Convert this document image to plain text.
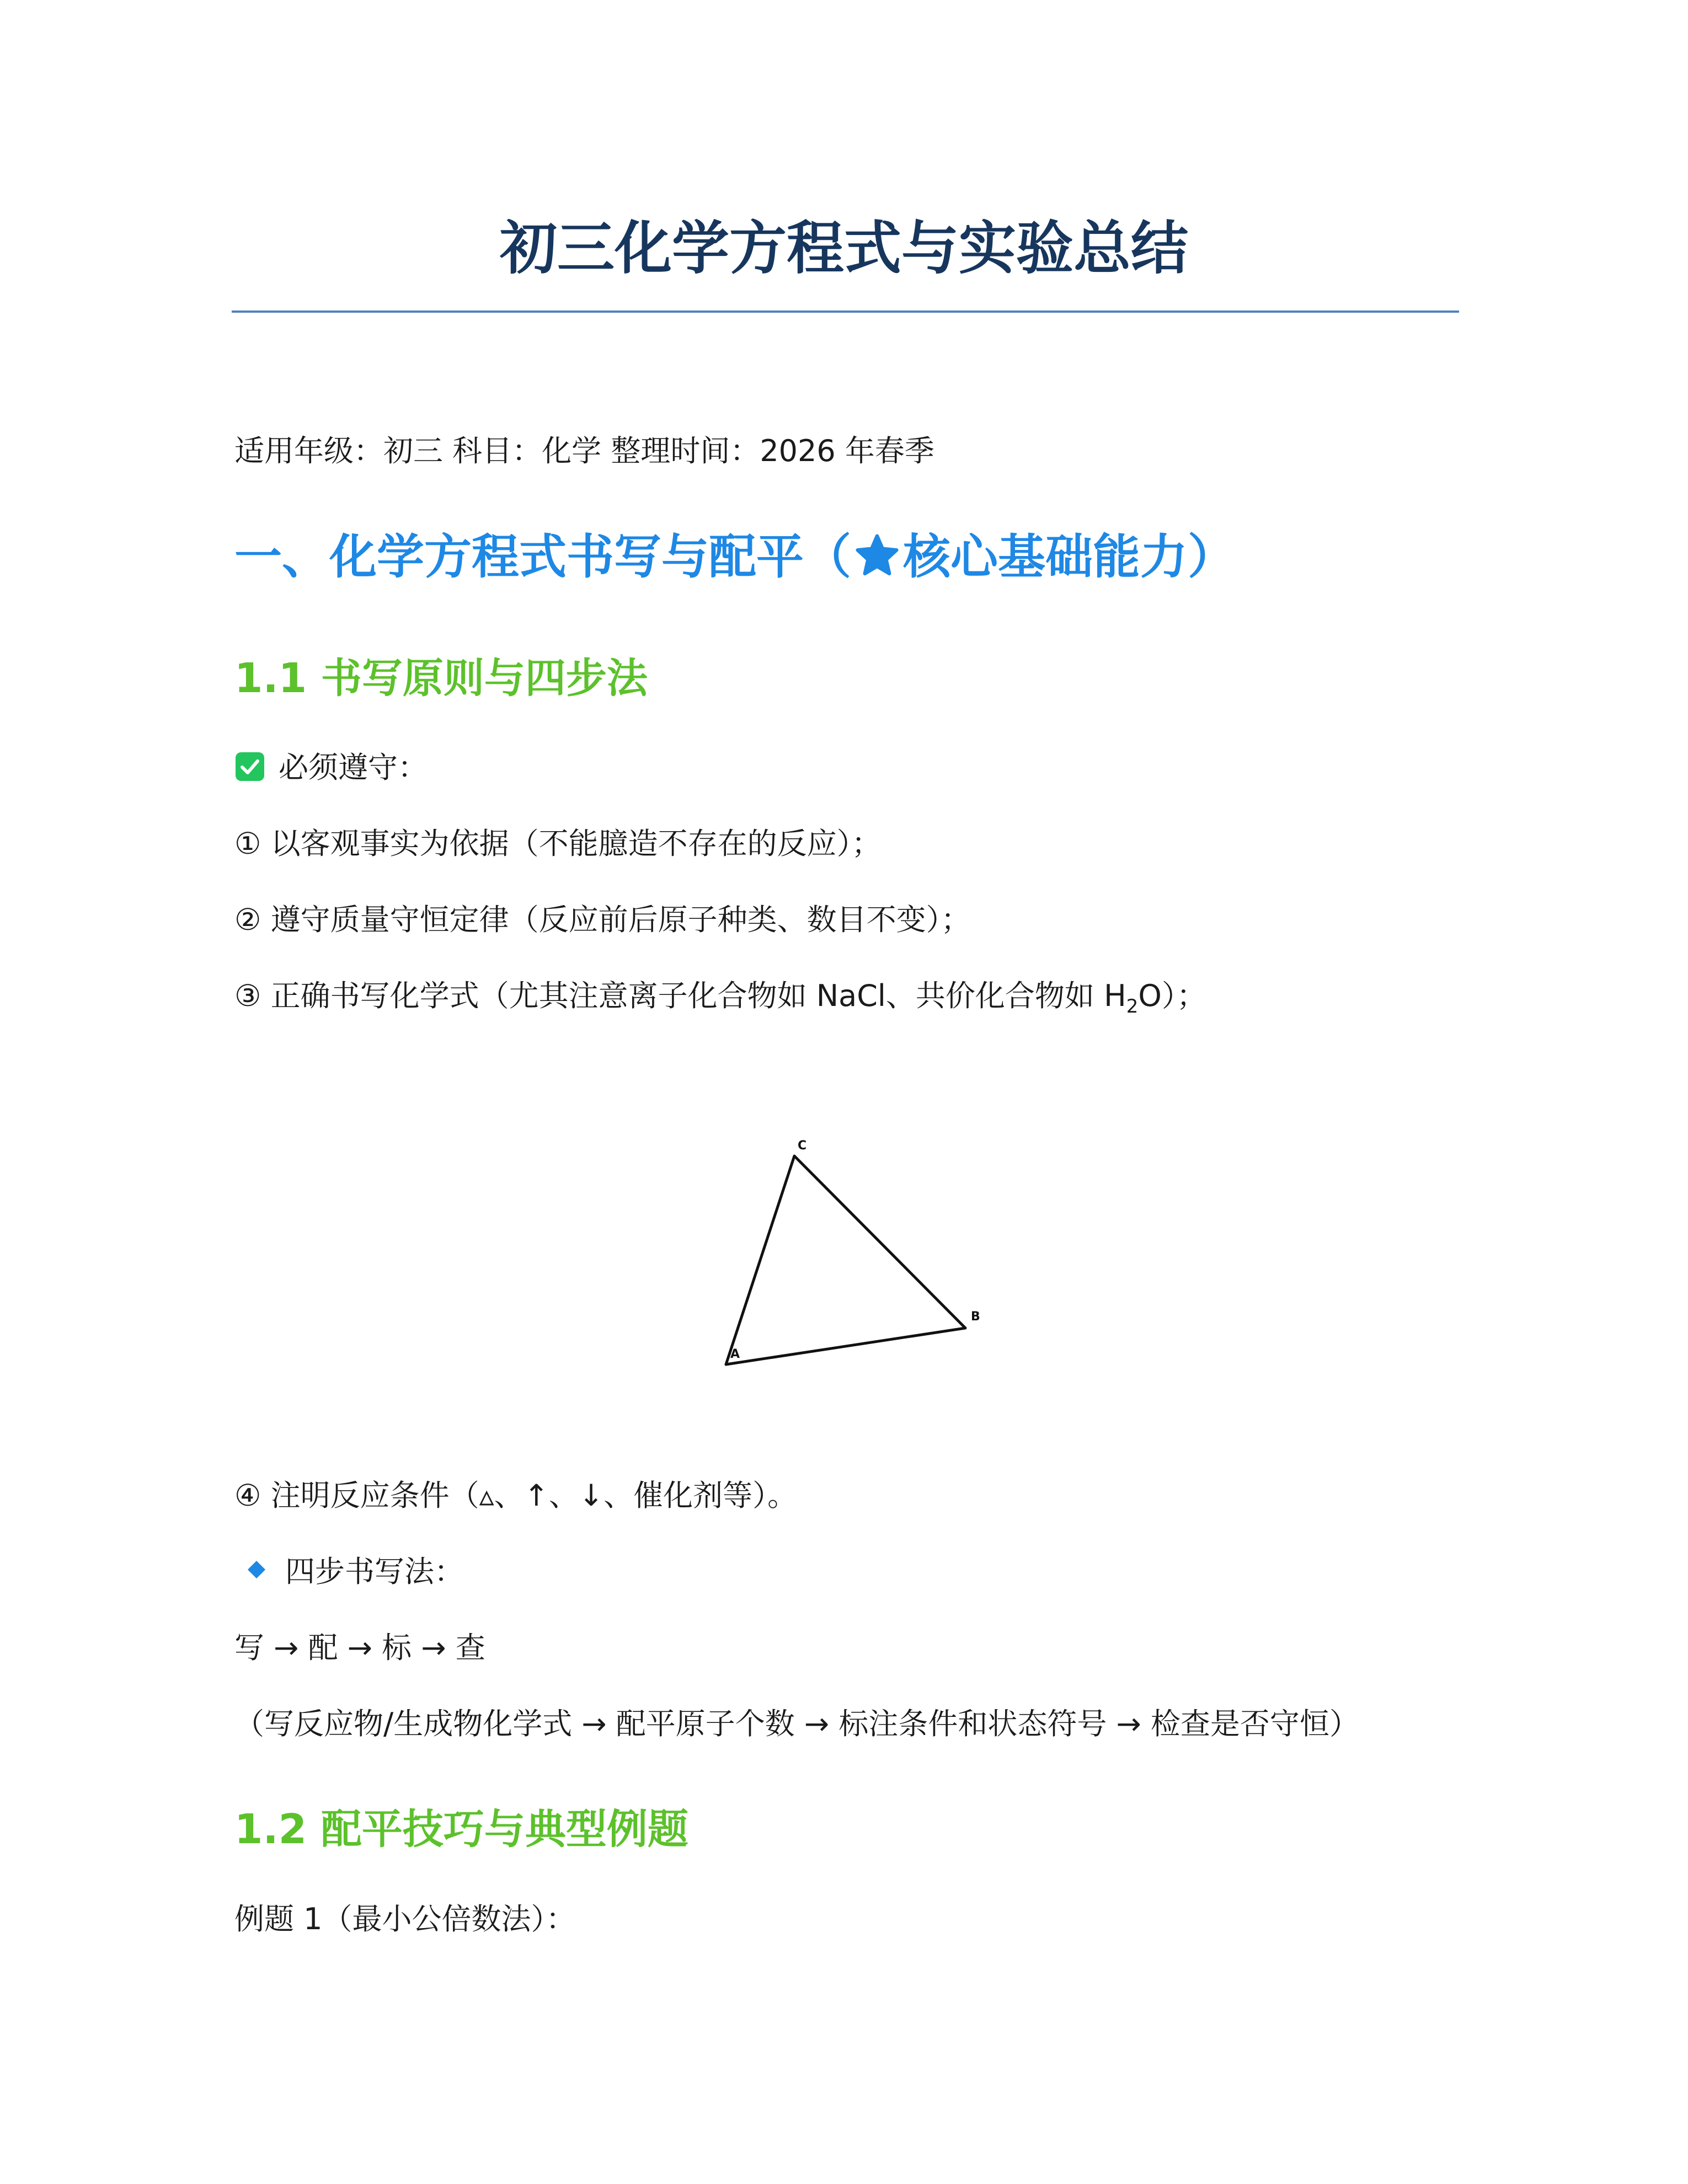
初三化学方程式与实验总结

适用年级：初三 科目：化学 整理时间：2026 年春季

一、化学方程式书写与配平（ 核心基础能力）
1.1 书写原则与四步法

必须遵守：

① 以客观事实为依据（不能臆造不存在的反应）；

② 遵守质量守恒定律（反应前后原子种类、数目不变）；

③ 正确书写化学式（尤其注意离子化合物如 NaCl、共价化合物如 $H_2O$）；

A
B
C

④ 注明反应条件（▵、↑、↓、催化剂等）。

四步书写法：

写 → 配 → 标 → 查

（写反应物/生成物化学式 → 配平原子个数 → 标注条件和状态符号 → 检查是否守恒）

1.2 配平技巧与典型例题

例题 1（最小公倍数法）：
